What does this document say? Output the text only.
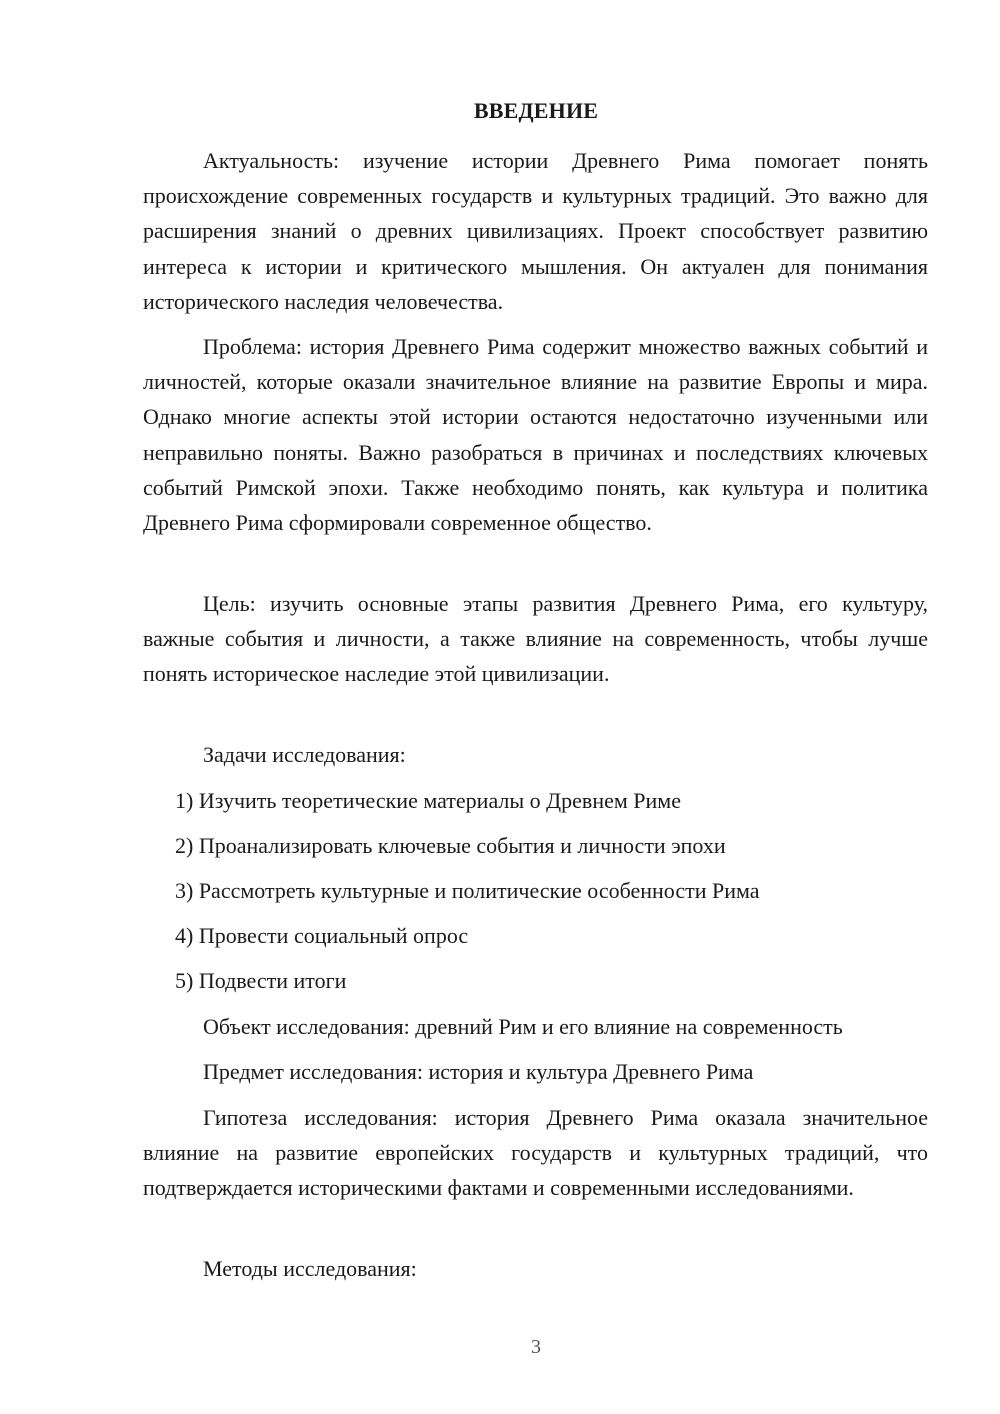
ВВЕДЕНИЕ

Актуальность: изучение истории Древнего Рима помогает понять происхождение современных государств и культурных традиций. Это важно для расширения знаний о древних цивилизациях. Проект способствует развитию интереса к истории и критического мышления. Он актуален для понимания исторического наследия человечества.

Проблема: история Древнего Рима содержит множество важных событий и личностей, которые оказали значительное влияние на развитие Европы и мира. Однако многие аспекты этой истории остаются недостаточно изученными или неправильно поняты. Важно разобраться в причинах и последствиях ключевых событий Римской эпохи. Также необходимо понять, как культура и политика Древнего Рима сформировали современное общество.

Цель: изучить основные этапы развития Древнего Рима, его культуру, важные события и личности, а также влияние на современность, чтобы лучше понять историческое наследие этой цивилизации.

Задачи исследования:
1) Изучить теоретические материалы о Древнем Риме
2) Проанализировать ключевые события и личности эпохи
3) Рассмотреть культурные и политические особенности Рима
4) Провести социальный опрос
5) Подвести итоги
Объект исследования: древний Рим и его влияние на современность
Предмет исследования: история и культура Древнего Рима

Гипотеза исследования: история Древнего Рима оказала значительное влияние на развитие европейских государств и культурных традиций, что подтверждается историческими фактами и современными исследованиями.

Методы исследования:
3
